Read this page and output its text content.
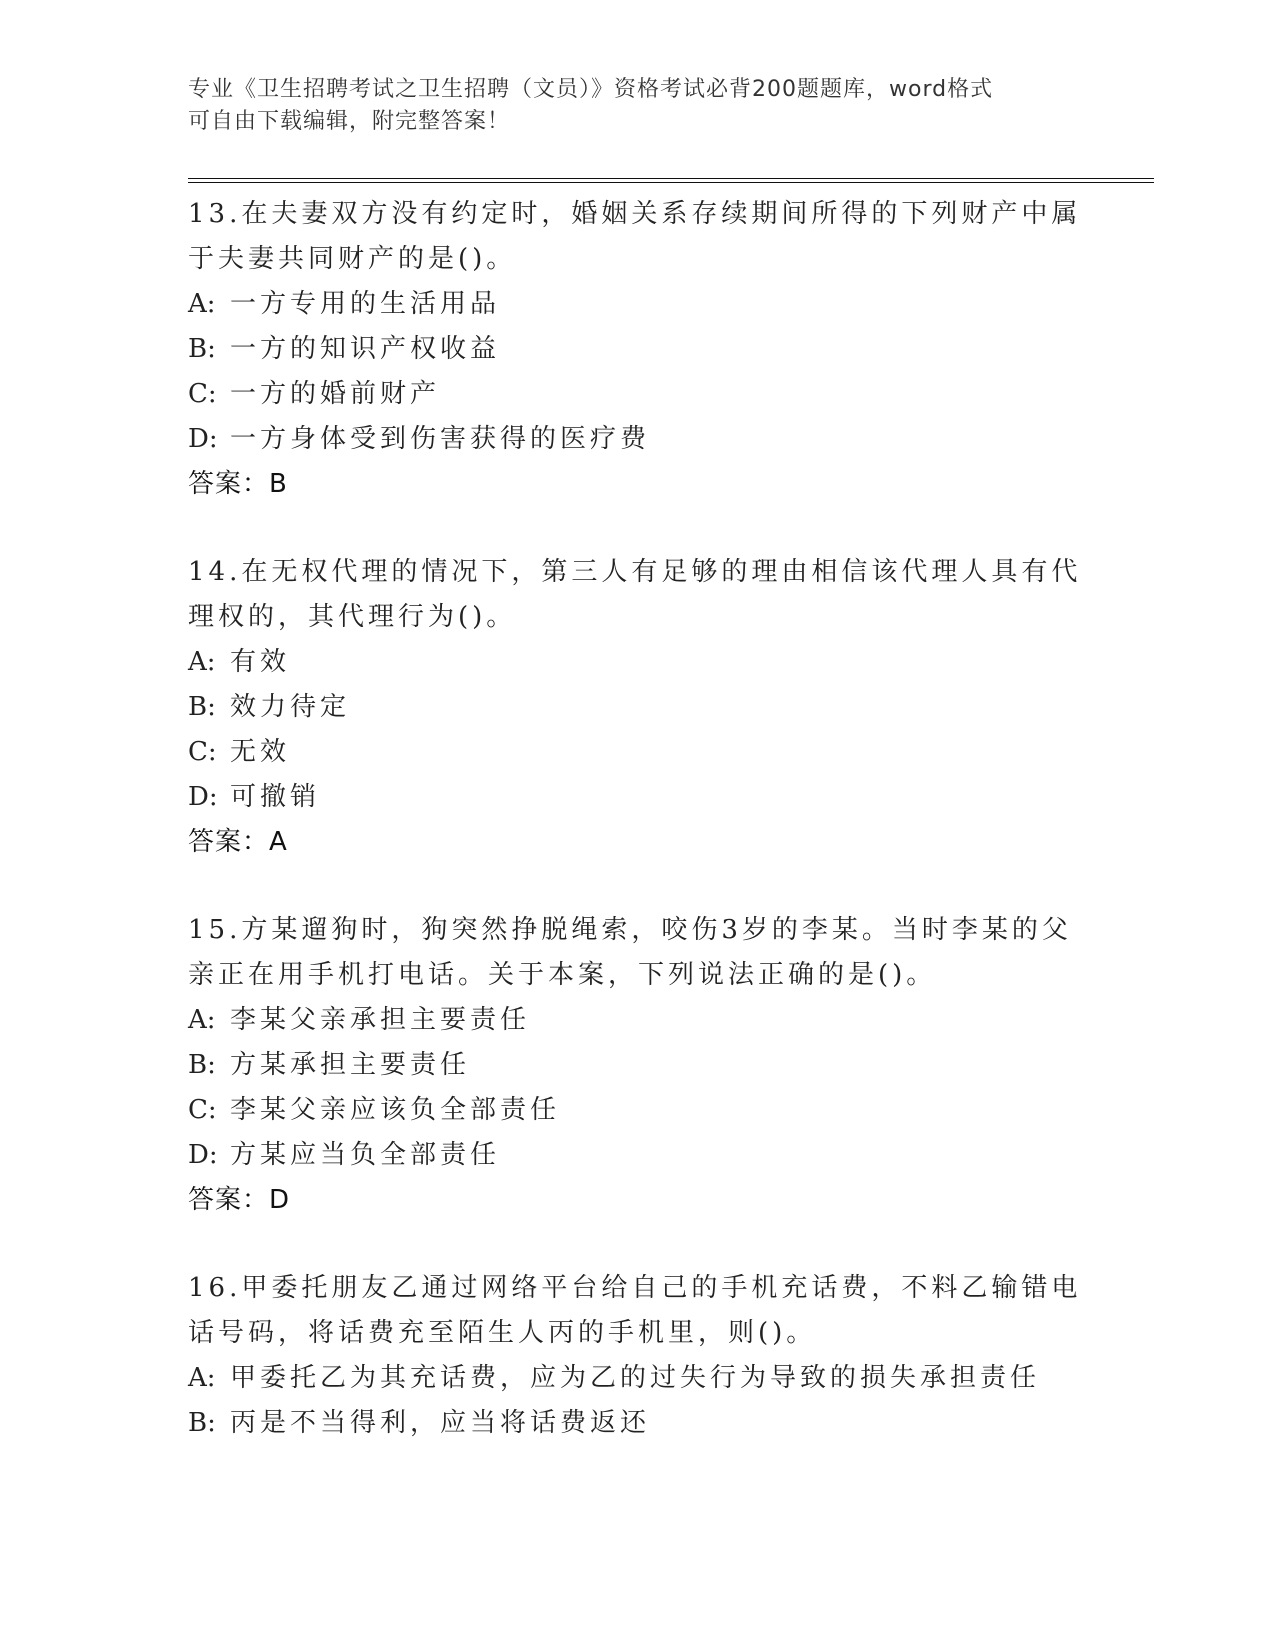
专业《卫生招聘考试之卫生招聘（文员）》资格考试必背200题题库，word格式
可自由下载编辑，附完整答案！
13.在夫妻双方没有约定时，婚姻关系存续期间所得的下列财产中属于夫妻共同财产的是()。
A: 一方专用的生活用品
B: 一方的知识产权收益
C: 一方的婚前财产
D: 一方身体受到伤害获得的医疗费
答案：B
14.在无权代理的情况下，第三人有足够的理由相信该代理人具有代理权的，其代理行为()。
A: 有效
B: 效力待定
C: 无效
D: 可撤销
答案：A
15.方某遛狗时，狗突然挣脱绳索，咬伤3岁的李某。当时李某的父亲正在用手机打电话。关于本案，下列说法正确的是()。
A: 李某父亲承担主要责任
B: 方某承担主要责任
C: 李某父亲应该负全部责任
D: 方某应当负全部责任
答案：D
16.甲委托朋友乙通过网络平台给自己的手机充话费，不料乙输错电话号码，将话费充至陌生人丙的手机里，则()。
A: 甲委托乙为其充话费，应为乙的过失行为导致的损失承担责任
B: 丙是不当得利，应当将话费返还
